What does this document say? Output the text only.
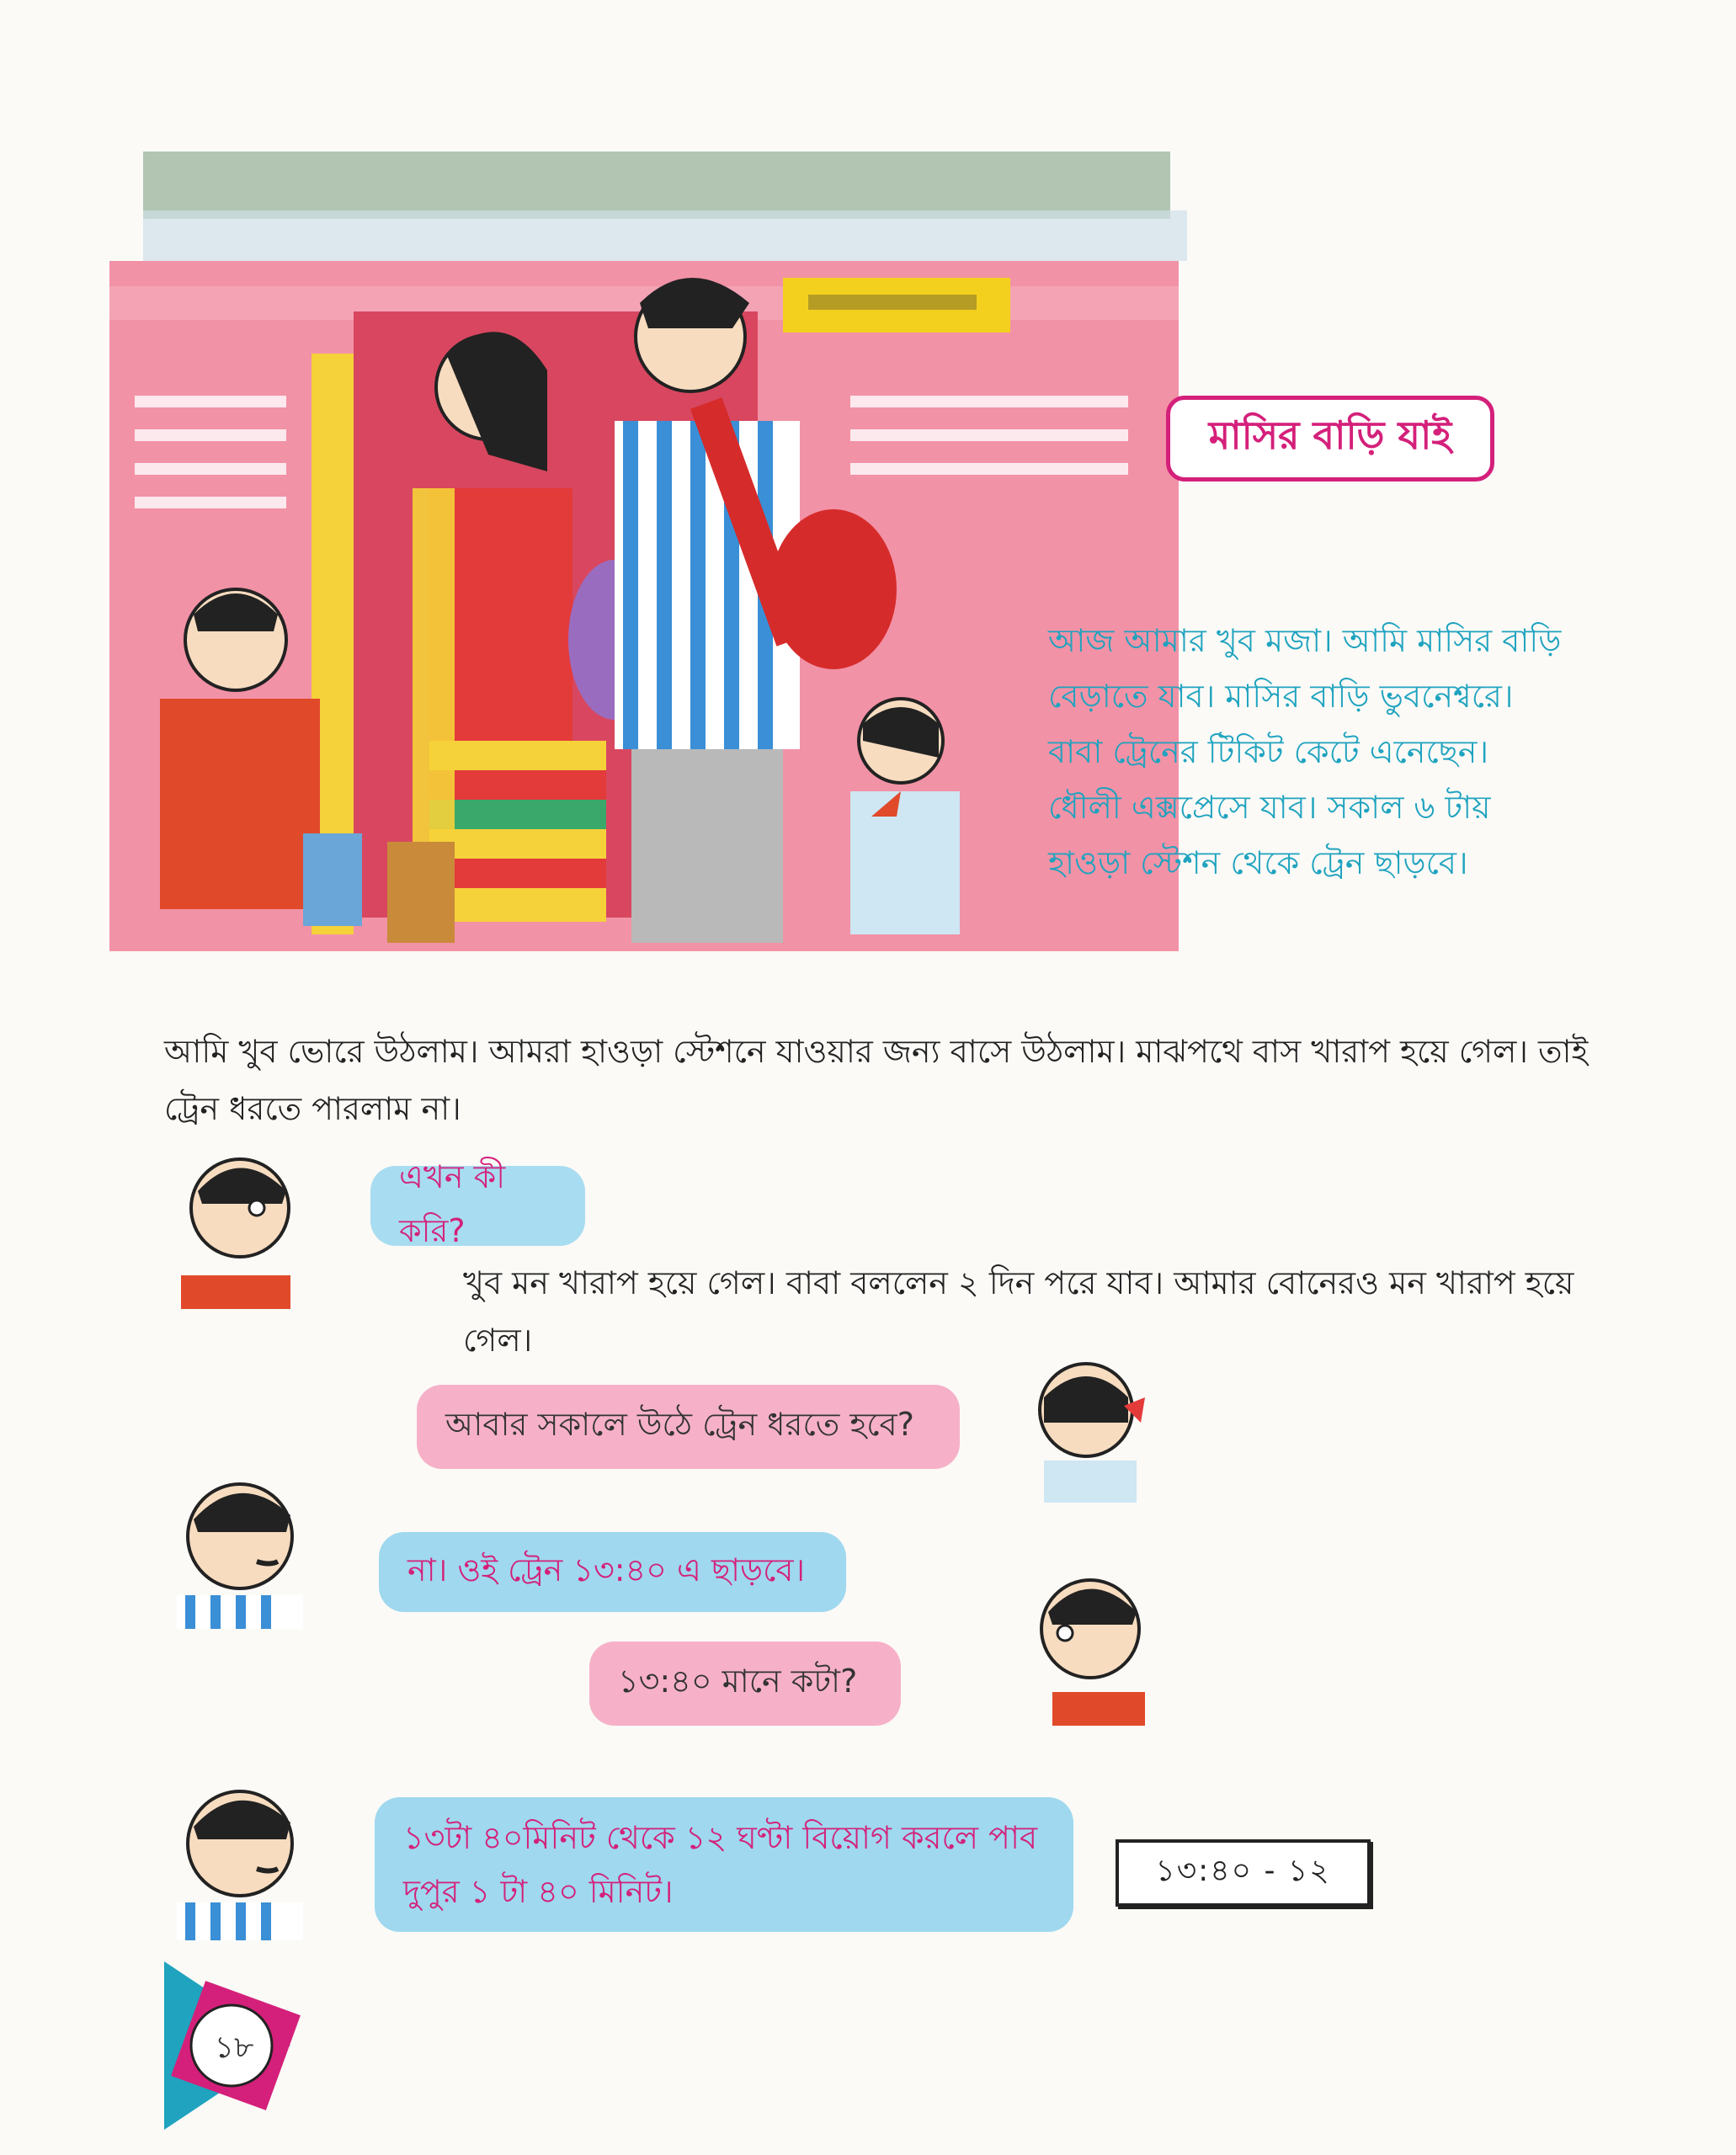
মাসির বাড়ি যাই

আজ আমার খুব মজা। আমি মাসির বাড়ি

বেড়াতে যাব। মাসির বাড়ি ভুবনেশ্বরে।

বাবা ট্রেনের টিকিট কেটে এনেছেন।

ধৌলী এক্সপ্রেসে যাব। সকাল ৬ টায়

হাওড়া স্টেশন থেকে ট্রেন ছাড়বে।

আমি খুব ভোরে উঠলাম। আমরা হাওড়া স্টেশনে যাওয়ার জন্য বাসে উঠলাম। মাঝপথে বাস খারাপ হয়ে গেল। তাই ট্রেন ধরতে পারলাম না।
খুব মন খারাপ হয়ে গেল। বাবা বললেন ২ দিন পরে যাব। আমার বোনেরও মন খারাপ হয়ে গেল।
এখন কী করি?
আবার সকালে উঠে ট্রেন ধরতে হবে?
না। ওই ট্রেন ১৩:৪০ এ ছাড়বে।
১৩:৪০ মানে কটা?
১৩টা ৪০মিনিট থেকে ১২ ঘণ্টা বিয়োগ করলে পাব
দুপুর ১ টা ৪০ মিনিট।
১৩:৪০ - ১২
১৮
